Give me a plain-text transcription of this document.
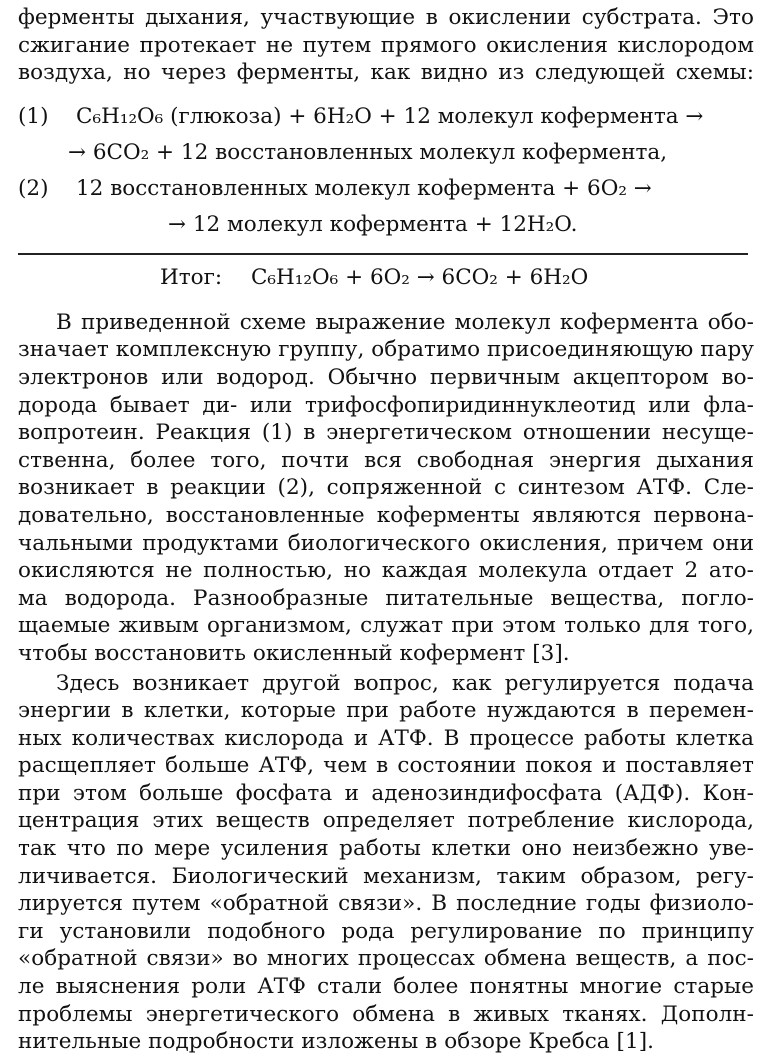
ферменты дыхания, участвующие в окислении субстрата. Это
сжигание протекает не путем прямого окисления кислородом
воздуха, но через ферменты, как видно из следующей схемы:
(1)	C₆H₁₂O₆ (глюкоза) + 6H₂O + 12 молекул кофермента →
→ 6CO₂ + 12 восстановленных молекул кофермента,
(2)	12 восстановленных молекул кофермента + 6O₂ →
→ 12 молекул кофермента + 12H₂O.
Итог: C₆H₁₂O₆ + 6O₂ → 6CO₂ + 6H₂O
В приведенной схеме выражение молекул кофермента обо-
значает комплексную группу, обратимо присоединяющую пару
электронов или водород. Обычно первичным акцептором во-
дорода бывает ди- или трифосфопиридиннуклеотид или фла-
вопротеин. Реакция (1) в энергетическом отношении несуще-
ственна, более того, почти вся свободная энергия дыхания
возникает в реакции (2), сопряженной с синтезом АТФ. Сле-
довательно, восстановленные коферменты являются первона-
чальными продуктами биологического окисления, причем они
окисляются не полностью, но каждая молекула отдает 2 ато-
ма водорода. Разнообразные питательные вещества, погло-
щаемые живым организмом, служат при этом только для того,
чтобы восстановить окисленный кофермент [3].
Здесь возникает другой вопрос, как регулируется подача
энергии в клетки, которые при работе нуждаются в перемен-
ных количествах кислорода и АТФ. В процессе работы клетка
расщепляет больше АТФ, чем в состоянии покоя и поставляет
при этом больше фосфата и аденозиндифосфата (АДФ). Кон-
центрация этих веществ определяет потребление кислорода,
так что по мере усиления работы клетки оно неизбежно уве-
личивается. Биологический механизм, таким образом, регу-
лируется путем «обратной связи». В последние годы физиоло-
ги установили подобного рода регулирование по принципу
«обратной связи» во многих процессах обмена веществ, а пос-
ле выяснения роли АТФ стали более понятны многие старые
проблемы энергетического обмена в живых тканях. Дополн-
нительные подробности изложены в обзоре Кребса [1].
